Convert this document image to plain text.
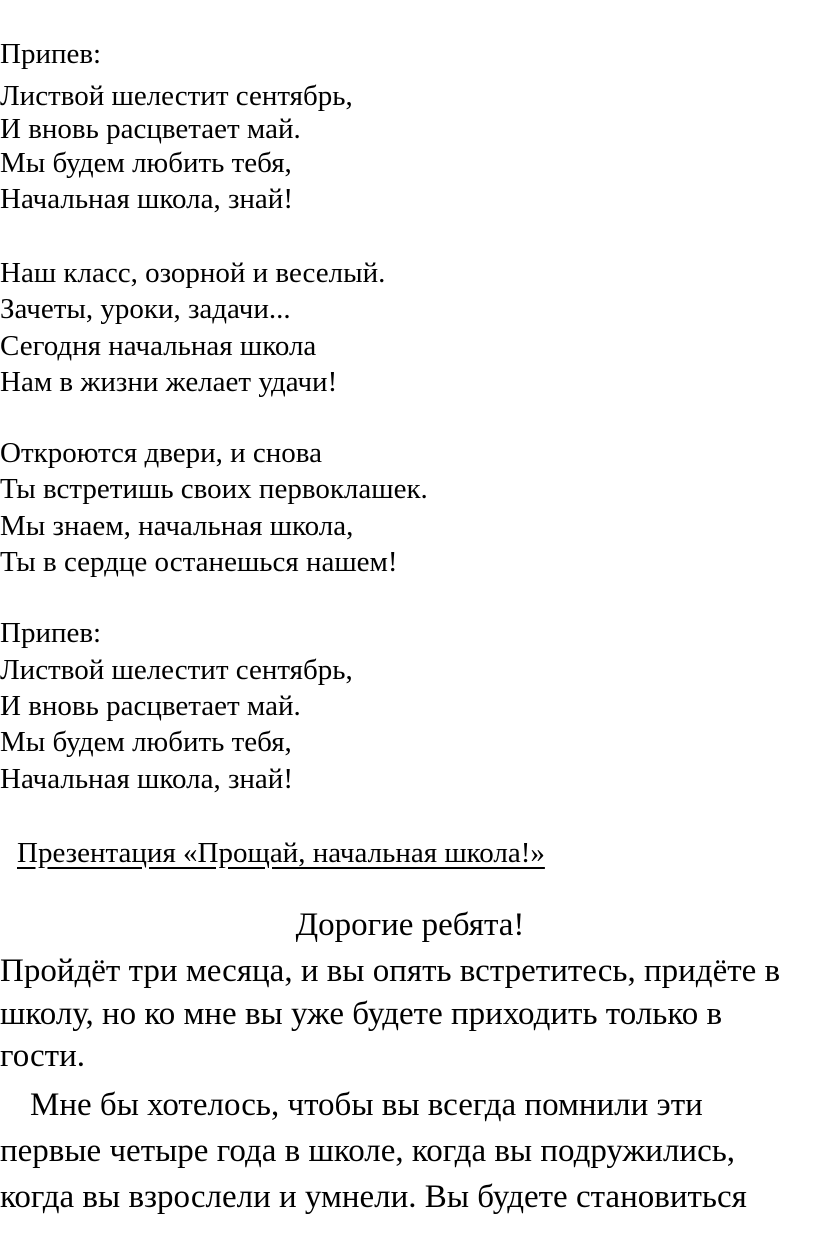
Припев:
Листвой шелестит сентябрь,
И вновь расцветает май.
Мы будем любить тебя,
Начальная школа, знай!
Наш класс, озорной и веселый.
Зачеты, уроки, задачи...
Сегодня начальная школа
Нам в жизни желает удачи!
Откроются двери, и снова
Ты встретишь своих первоклашек.
Мы знаем, начальная школа,
Ты в сердце останешься нашем!
Припев:
Листвой шелестит сентябрь,
И вновь расцветает май.
Мы будем любить тебя,
Начальная школа, знай!
Презентация «Прощай, начальная школа!»
Дорогие ребята!
Пройдёт три месяца, и вы опять встретитесь, придёте в школу, но ко мне вы уже будете приходить только в гости.
Мне бы хотелось, чтобы вы всегда помнили эти первые четыре года в школе, когда вы подружились, когда вы взрослели и умнели. Вы будете становиться
